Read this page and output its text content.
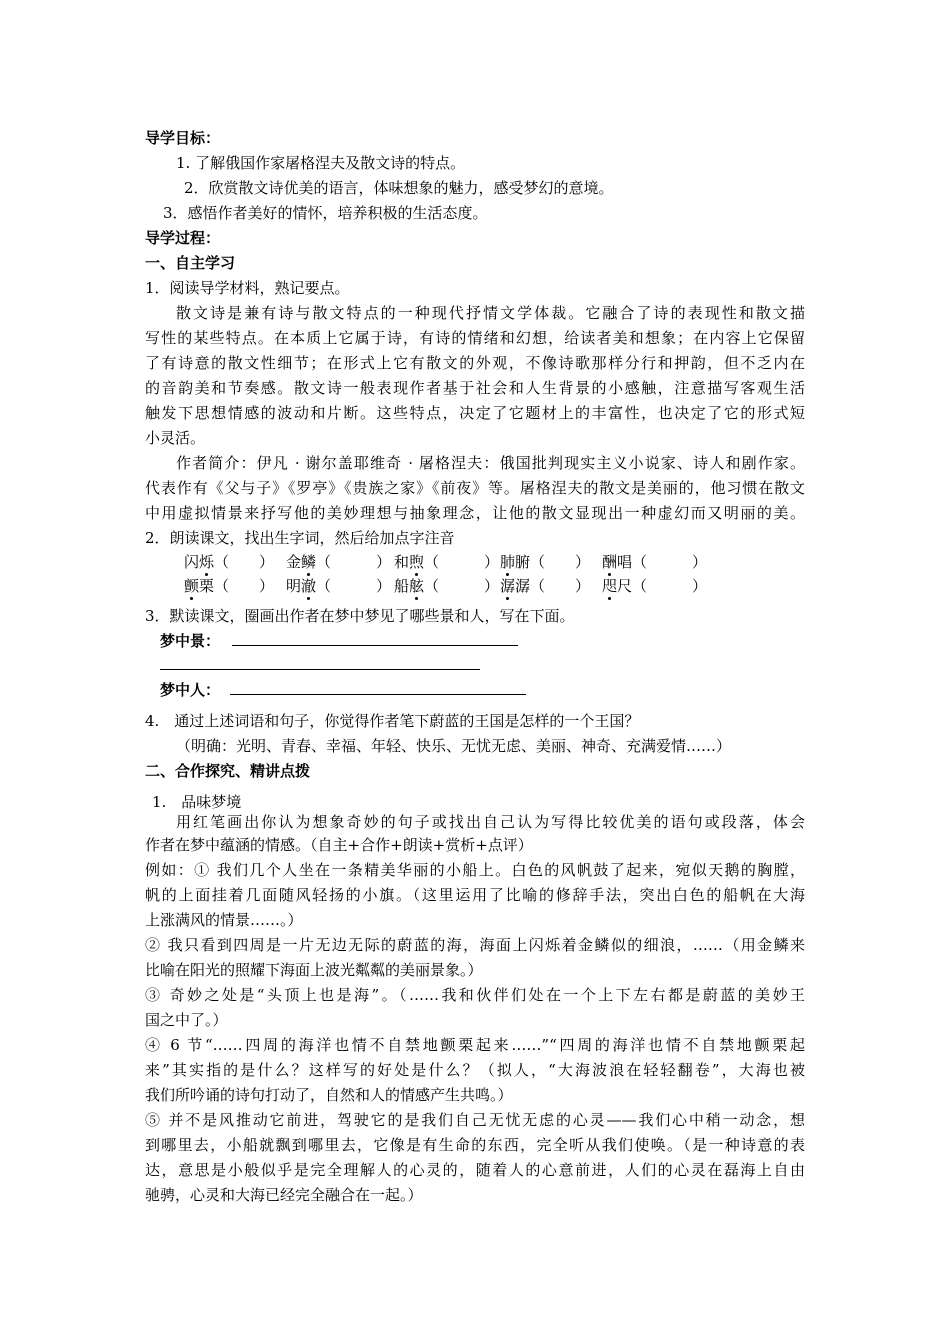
导学目标：
1. 了解俄国作家屠格涅夫及散文诗的特点。
2．欣赏散文诗优美的语言，体味想象的魅力，感受梦幻的意境。
3．感悟作者美好的情怀，培养积极的生活态度。
导学过程：
一、自主学习
1．阅读导学材料，熟记要点。
散文诗是兼有诗与散文特点的一种现代抒情文学体裁。它融合了诗的表现性和散文描
写性的某些特点。在本质上它属于诗，有诗的情绪和幻想，给读者美和想象；在内容上它保留
了有诗意的散文性细节；在形式上它有散文的外观，不像诗歌那样分行和押韵，但不乏内在
的音韵美和节奏感。散文诗一般表现作者基于社会和人生背景的小感触，注意描写客观生活
触发下思想情感的波动和片断。这些特点，决定了它题材上的丰富性，也决定了它的形式短
小灵活。
作者简介：伊凡 · 谢尔盖耶维奇 · 屠格涅夫：俄国批判现实主义小说家、诗人和剧作家。
代表作有《父与子》《罗亭》《贵族之家》《前夜》等。屠格涅夫的散文是美丽的，他习惯在散文
中用虚拟情景来抒写他的美妙理想与抽象理念，让他的散文显现出一种虚幻而又明丽的美。
2．朗读课文，找出生字词，然后给加点字注音
闪烁（　　） 金鳞（　　　） 和煦（　　　） 肺腑（　　） 酬唱（　　　）
颤栗（　　） 明澈（　　　） 船舷（　　　） 潺潺（　　） 咫尺（　　　）
3．默读课文，圈画出作者在梦中梦见了哪些景和人，写在下面。
梦中景：
梦中人：
4.　通过上述词语和句子，你觉得作者笔下蔚蓝的王国是怎样的一个王国？
（明确：光明、青春、幸福、年轻、快乐、无忧无虑、美丽、神奇、充满爱情……）
二、合作探究、精讲点拨
1.　品味梦境
用红笔画出你认为想象奇妙的句子或找出自己认为写得比较优美的语句或段落，体会
作者在梦中蕴涵的情感。（自主+合作+朗读+赏析+点评）
例如：① 我们几个人坐在一条精美华丽的小船上。白色的风帆鼓了起来，宛似天鹅的胸膛，
帆的上面挂着几面随风轻扬的小旗。（这里运用了比喻的修辞手法，突出白色的船帆在大海
上涨满风的情景……。）
② 我只看到四周是一片无边无际的蔚蓝的海，海面上闪烁着金鳞似的细浪，……（用金鳞来
比喻在阳光的照耀下海面上波光粼粼的美丽景象。）
③ 奇妙之处是“头顶上也是海”。（……我和伙伴们处在一个上下左右都是蔚蓝的美妙王
国之中了。）
④ 6 节“……四周的海洋也情不自禁地颤栗起来……”“四周的海洋也情不自禁地颤栗起
来”其实指的是什么？这样写的好处是什么？（拟人，“大海波浪在轻轻翻卷”，大海也被
我们所吟诵的诗句打动了，自然和人的情感产生共鸣。）
⑤ 并不是风推动它前进，驾驶它的是我们自己无忧无虑的心灵——我们心中稍一动念，想
到哪里去，小船就飘到哪里去，它像是有生命的东西，完全听从我们使唤。（是一种诗意的表
达，意思是小般似乎是完全理解人的心灵的，随着人的心意前进，人们的心灵在磊海上自由
驰骋，心灵和大海已经完全融合在一起。）
